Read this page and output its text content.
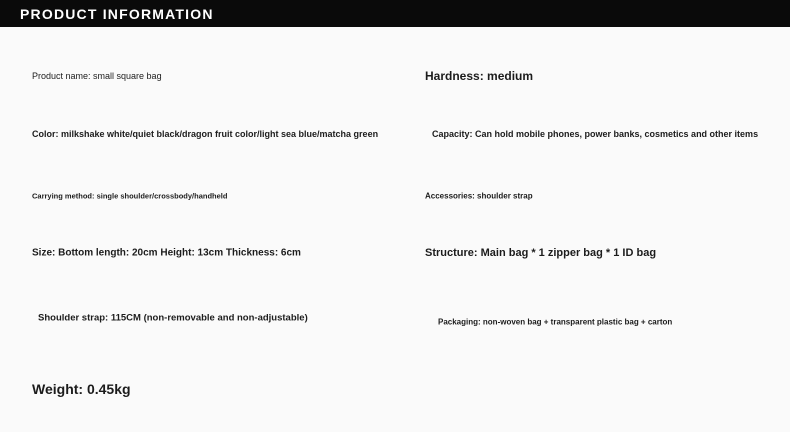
PRODUCT INFORMATION
Product name: small square bag
Color: milkshake white/quiet black/dragon fruit color/light sea blue/matcha green
Carrying method: single shoulder/crossbody/handheld
Size: Bottom length: 20cm Height: 13cm Thickness: 6cm
Shoulder strap: 115CM (non-removable and non-adjustable)
Weight: 0.45kg
Hardness: medium
Capacity: Can hold mobile phones, power banks, cosmetics and other items
Accessories: shoulder strap
Structure: Main bag * 1 zipper bag * 1 ID bag
Packaging: non-woven bag + transparent plastic bag + carton
